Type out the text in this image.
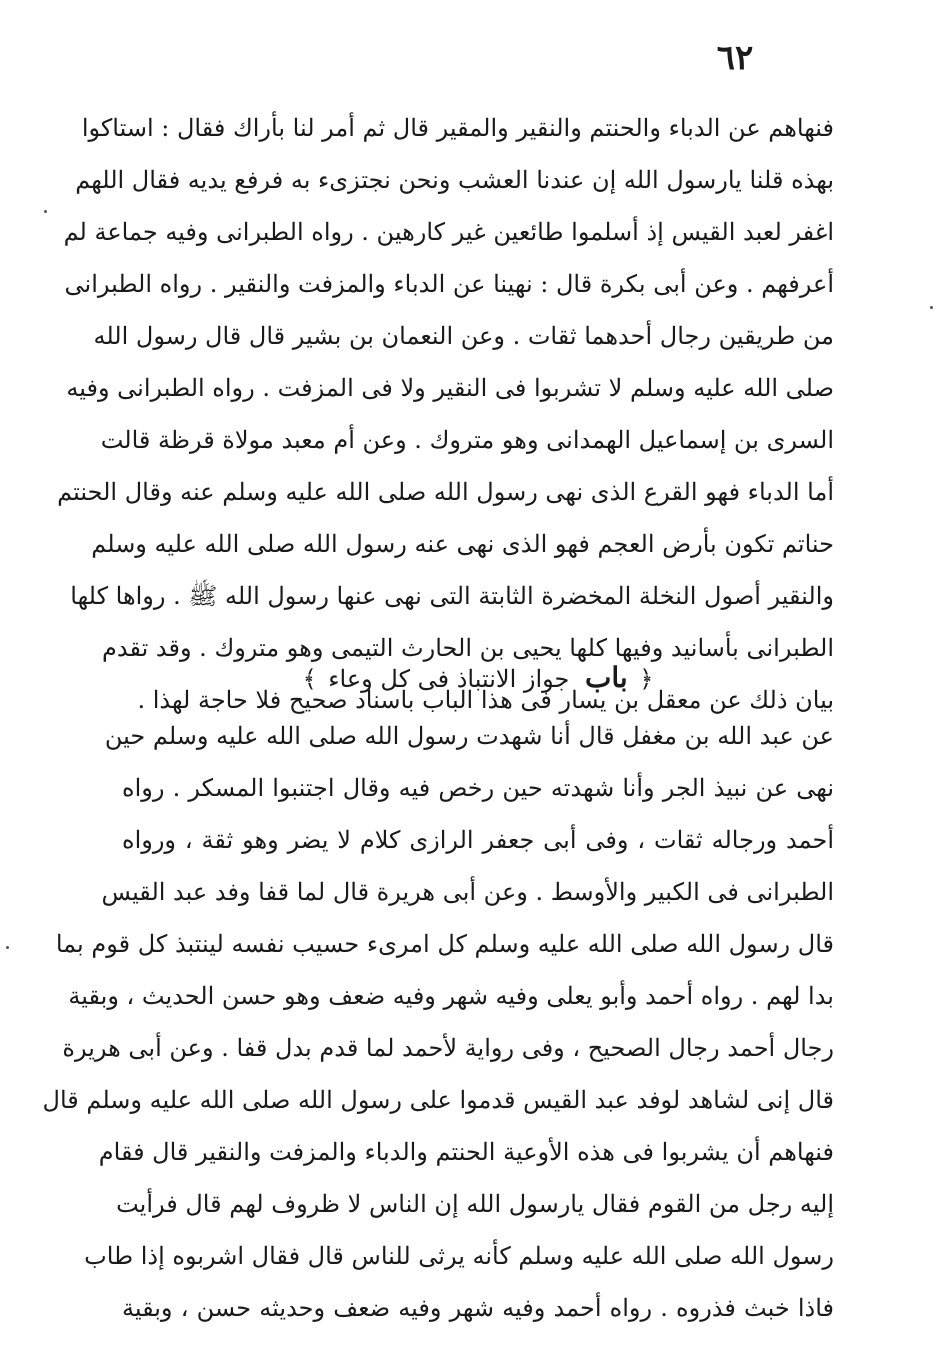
٦٢
فنهاهم عن الدباء والحنتم والنقير والمقير قال ثم أمر لنا بأراك فقال : استاكوا
بهذه قلنا يارسول الله إن عندنا العشب ونحن نجتزىء به فرفع يديه فقال اللهم
اغفر لعبد القيس إذ أسلموا طائعين غير كارهين . رواه الطبرانى وفيه جماعة لم
أعرفهم . وعن أبى بكرة قال : نهينا عن الدباء والمزفت والنقير . رواه الطبرانى
من طريقين رجال أحدهما ثقات . وعن النعمان بن بشير قال قال رسول الله
صلى الله عليه وسلم لا تشربوا فى النقير ولا فى المزفت . رواه الطبرانى وفيه
السرى بن إسماعيل الهمدانى وهو متروك . وعن أم معبد مولاة قرظة قالت
أما الدباء فهو القرع الذى نهى رسول الله صلى الله عليه وسلم عنه وقال الحنتم
حناتم تكون بأرض العجم فهو الذى نهى عنه رسول الله صلى الله عليه وسلم
والنقير أصول النخلة المخضرة الثابتة التى نهى عنها رسول الله ﷺ . رواها كلها
الطبرانى بأسانيد وفيها كلها يحيى بن الحارث التيمى وهو متروك . وقد تقدم
بيان ذلك عن معقل بن يسار فى هذا الباب باسناد صحيح فلا حاجة لهذا .
﴿ باب جواز الانتباذ فى كل وعاء ﴾
عن عبد الله بن مغفل قال أنا شهدت رسول الله صلى الله عليه وسلم حين
نهى عن نبيذ الجر وأنا شهدته حين رخص فيه وقال اجتنبوا المسكر . رواه
أحمد ورجاله ثقات ، وفى أبى جعفر الرازى كلام لا يضر وهو ثقة ، ورواه
الطبرانى فى الكبير والأوسط . وعن أبى هريرة قال لما قفا وفد عبد القيس
قال رسول الله صلى الله عليه وسلم كل امرىء حسيب نفسه لينتبذ كل قوم بما
بدا لهم . رواه أحمد وأبو يعلى وفيه شهر وفيه ضعف وهو حسن الحديث ، وبقية
رجال أحمد رجال الصحيح ، وفى رواية لأحمد لما قدم بدل قفا . وعن أبى هريرة
قال إنى لشاهد لوفد عبد القيس قدموا على رسول الله صلى الله عليه وسلم قال
فنهاهم أن يشربوا فى هذه الأوعية الحنتم والدباء والمزفت والنقير قال فقام
إليه رجل من القوم فقال يارسول الله إن الناس لا ظروف لهم قال فرأيت
رسول الله صلى الله عليه وسلم كأنه يرثى للناس قال فقال اشربوه إذا طاب
فاذا خبث فذروه . رواه أحمد وفيه شهر وفيه ضعف وحديثه حسن ، وبقية
